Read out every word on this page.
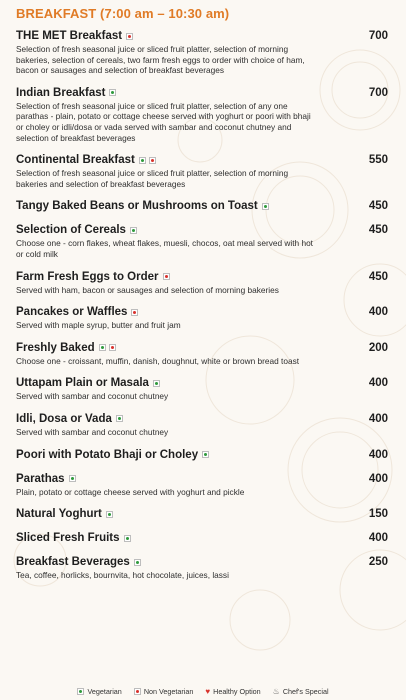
BREAKFAST (7:00 am – 10:30 am)
THE MET Breakfast	700
Selection of fresh seasonal juice or sliced fruit platter, selection of morning bakeries, selection of cereals, two farm fresh eggs to order with choice of ham, bacon or sausages and selection of breakfast beverages
Indian Breakfast	700
Selection of fresh seasonal juice or sliced fruit platter, selection of any one parathas - plain, potato or cottage cheese served with yoghurt or poori with bhaji or choley or idli/dosa or vada served with sambar and coconut chutney and selection of breakfast beverages
Continental Breakfast	550
Selection of fresh seasonal juice or sliced fruit platter, selection of morning bakeries and selection of breakfast beverages
Tangy Baked Beans or Mushrooms on Toast	450
Selection of Cereals	450
Choose one - corn flakes, wheat flakes, muesli, chocos, oat meal served with hot or cold milk
Farm Fresh Eggs to Order	450
Served with ham, bacon or sausages and selection of morning bakeries
Pancakes or Waffles	400
Served with maple syrup, butter and fruit jam
Freshly Baked	200
Choose one - croissant, muffin, danish, doughnut, white or brown bread toast
Uttapam Plain or Masala	400
Served with sambar and coconut chutney
Idli, Dosa or Vada	400
Served with sambar and coconut chutney
Poori with Potato Bhaji or Choley	400
Parathas	400
Plain, potato or cottage cheese served with yoghurt and pickle
Natural Yoghurt	150
Sliced Fresh Fruits	400
Breakfast Beverages	250
Tea, coffee, horlicks, bournvita, hot chocolate, juices, lassi
Vegetarian	Non Vegetarian ♥ Healthy Option ♨ Chef's Special
